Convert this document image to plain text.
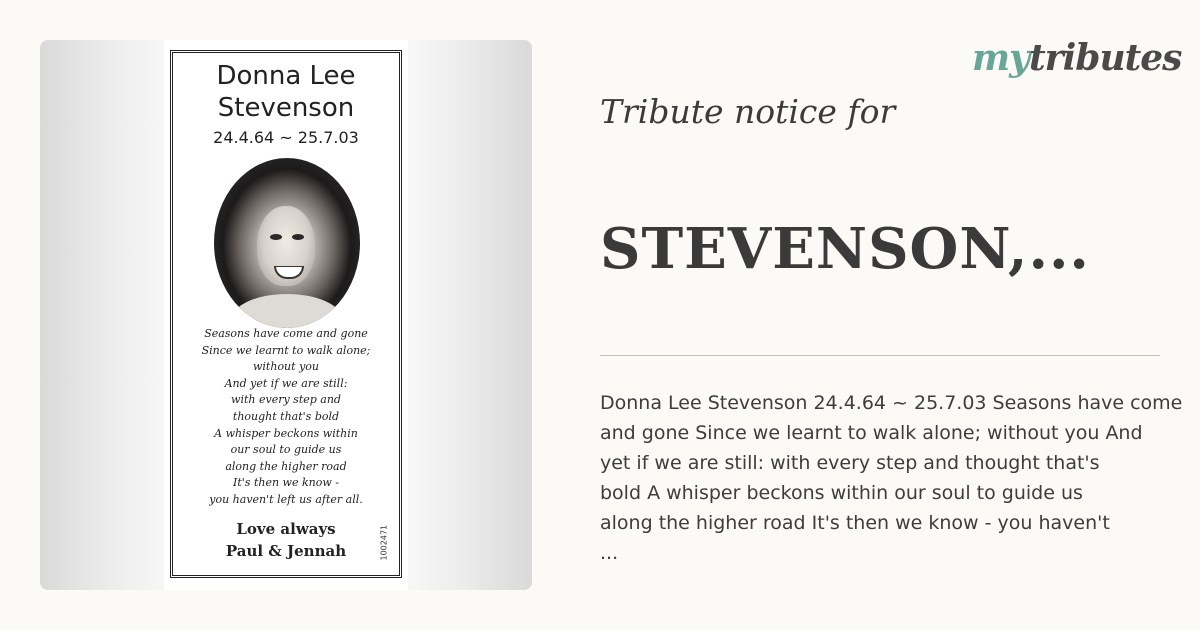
Donna Lee
Stevenson
24.4.64 ~ 25.7.03
Seasons have come and gone
Since we learnt to walk alone;
without you
And yet if we are still:
with every step and
thought that's bold
A whisper beckons within
our soul to guide us
along the higher road
It's then we know -
you haven't left us after all.
Love always
Paul & Jennah	1002471
mytributes
Tribute notice for
STEVENSON,...
Donna Lee Stevenson 24.4.64 ~ 25.7.03 Seasons have come
and gone Since we learnt to walk alone; without you And
yet if we are still: with every step and thought that's
bold A whisper beckons within our soul to guide us
along the higher road It's then we know - you haven't
...
